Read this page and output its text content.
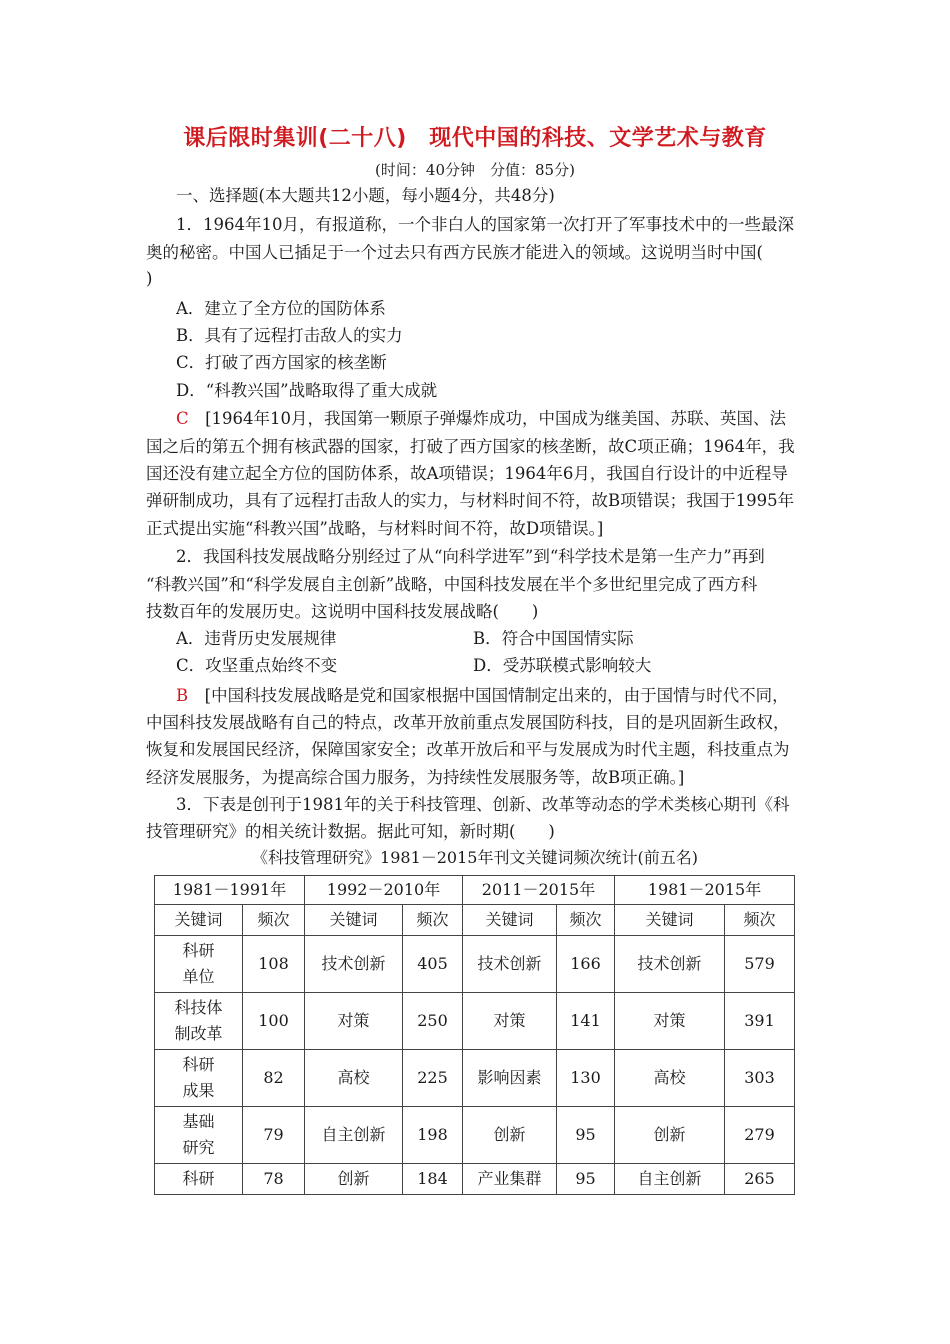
课后限时集训(二十八)　现代中国的科技、文学艺术与教育
(时间：40分钟　分值：85分)
一、选择题(本大题共12小题，每小题4分，共48分)
1．1964年10月，有报道称，一个非白人的国家第一次打开了军事技术中的一些最深
奥的秘密。中国人已插足于一个过去只有西方民族才能进入的领域。这说明当时中国(
)
A．建立了全方位的国防体系
B．具有了远程打击敌人的实力
C．打破了西方国家的核垄断
D．“科教兴国”战略取得了重大成就
C　[1964年10月，我国第一颗原子弹爆炸成功，中国成为继美国、苏联、英国、法
国之后的第五个拥有核武器的国家，打破了西方国家的核垄断，故C项正确；1964年，我
国还没有建立起全方位的国防体系，故A项错误；1964年6月，我国自行设计的中近程导
弹研制成功，具有了远程打击敌人的实力，与材料时间不符，故B项错误；我国于1995年
正式提出实施“科教兴国”战略，与材料时间不符，故D项错误。]
2．我国科技发展战略分别经过了从“向科学进军”到“科学技术是第一生产力”再到
“科教兴国”和“科学发展自主创新”战略，中国科技发展在半个多世纪里完成了西方科
技数百年的发展历史。这说明中国科技发展战略(　　)
A．违背历史发展规律	B．符合中国国情实际
C．攻坚重点始终不变	D．受苏联模式影响较大
B　[中国科技发展战略是党和国家根据中国国情制定出来的，由于国情与时代不同，
中国科技发展战略有自己的特点，改革开放前重点发展国防科技，目的是巩固新生政权，
恢复和发展国民经济，保障国家安全；改革开放后和平与发展成为时代主题，科技重点为
经济发展服务，为提高综合国力服务，为持续性发展服务等，故B项正确。]
3．下表是创刊于1981年的关于科技管理、创新、改革等动态的学术类核心期刊《科
技管理研究》的相关统计数据。据此可知，新时期(　　)
《科技管理研究》1981－2015年刊文关键词频次统计(前五名)
1981－1991年		1992－2010年		2011－2015年		1981－2015年	
关键词	频次	关键词	频次	关键词	频次	关键词	频次
科研
单位	108	技术创新	405	技术创新	166	技术创新	579
科技体
制改革	100	对策	250	对策	141	对策	391
科研
成果	82	高校	225	影响因素	130	高校	303
基础
研究	79	自主创新	198	创新	95	创新	279
科研	78	创新	184	产业集群	95	自主创新	265
